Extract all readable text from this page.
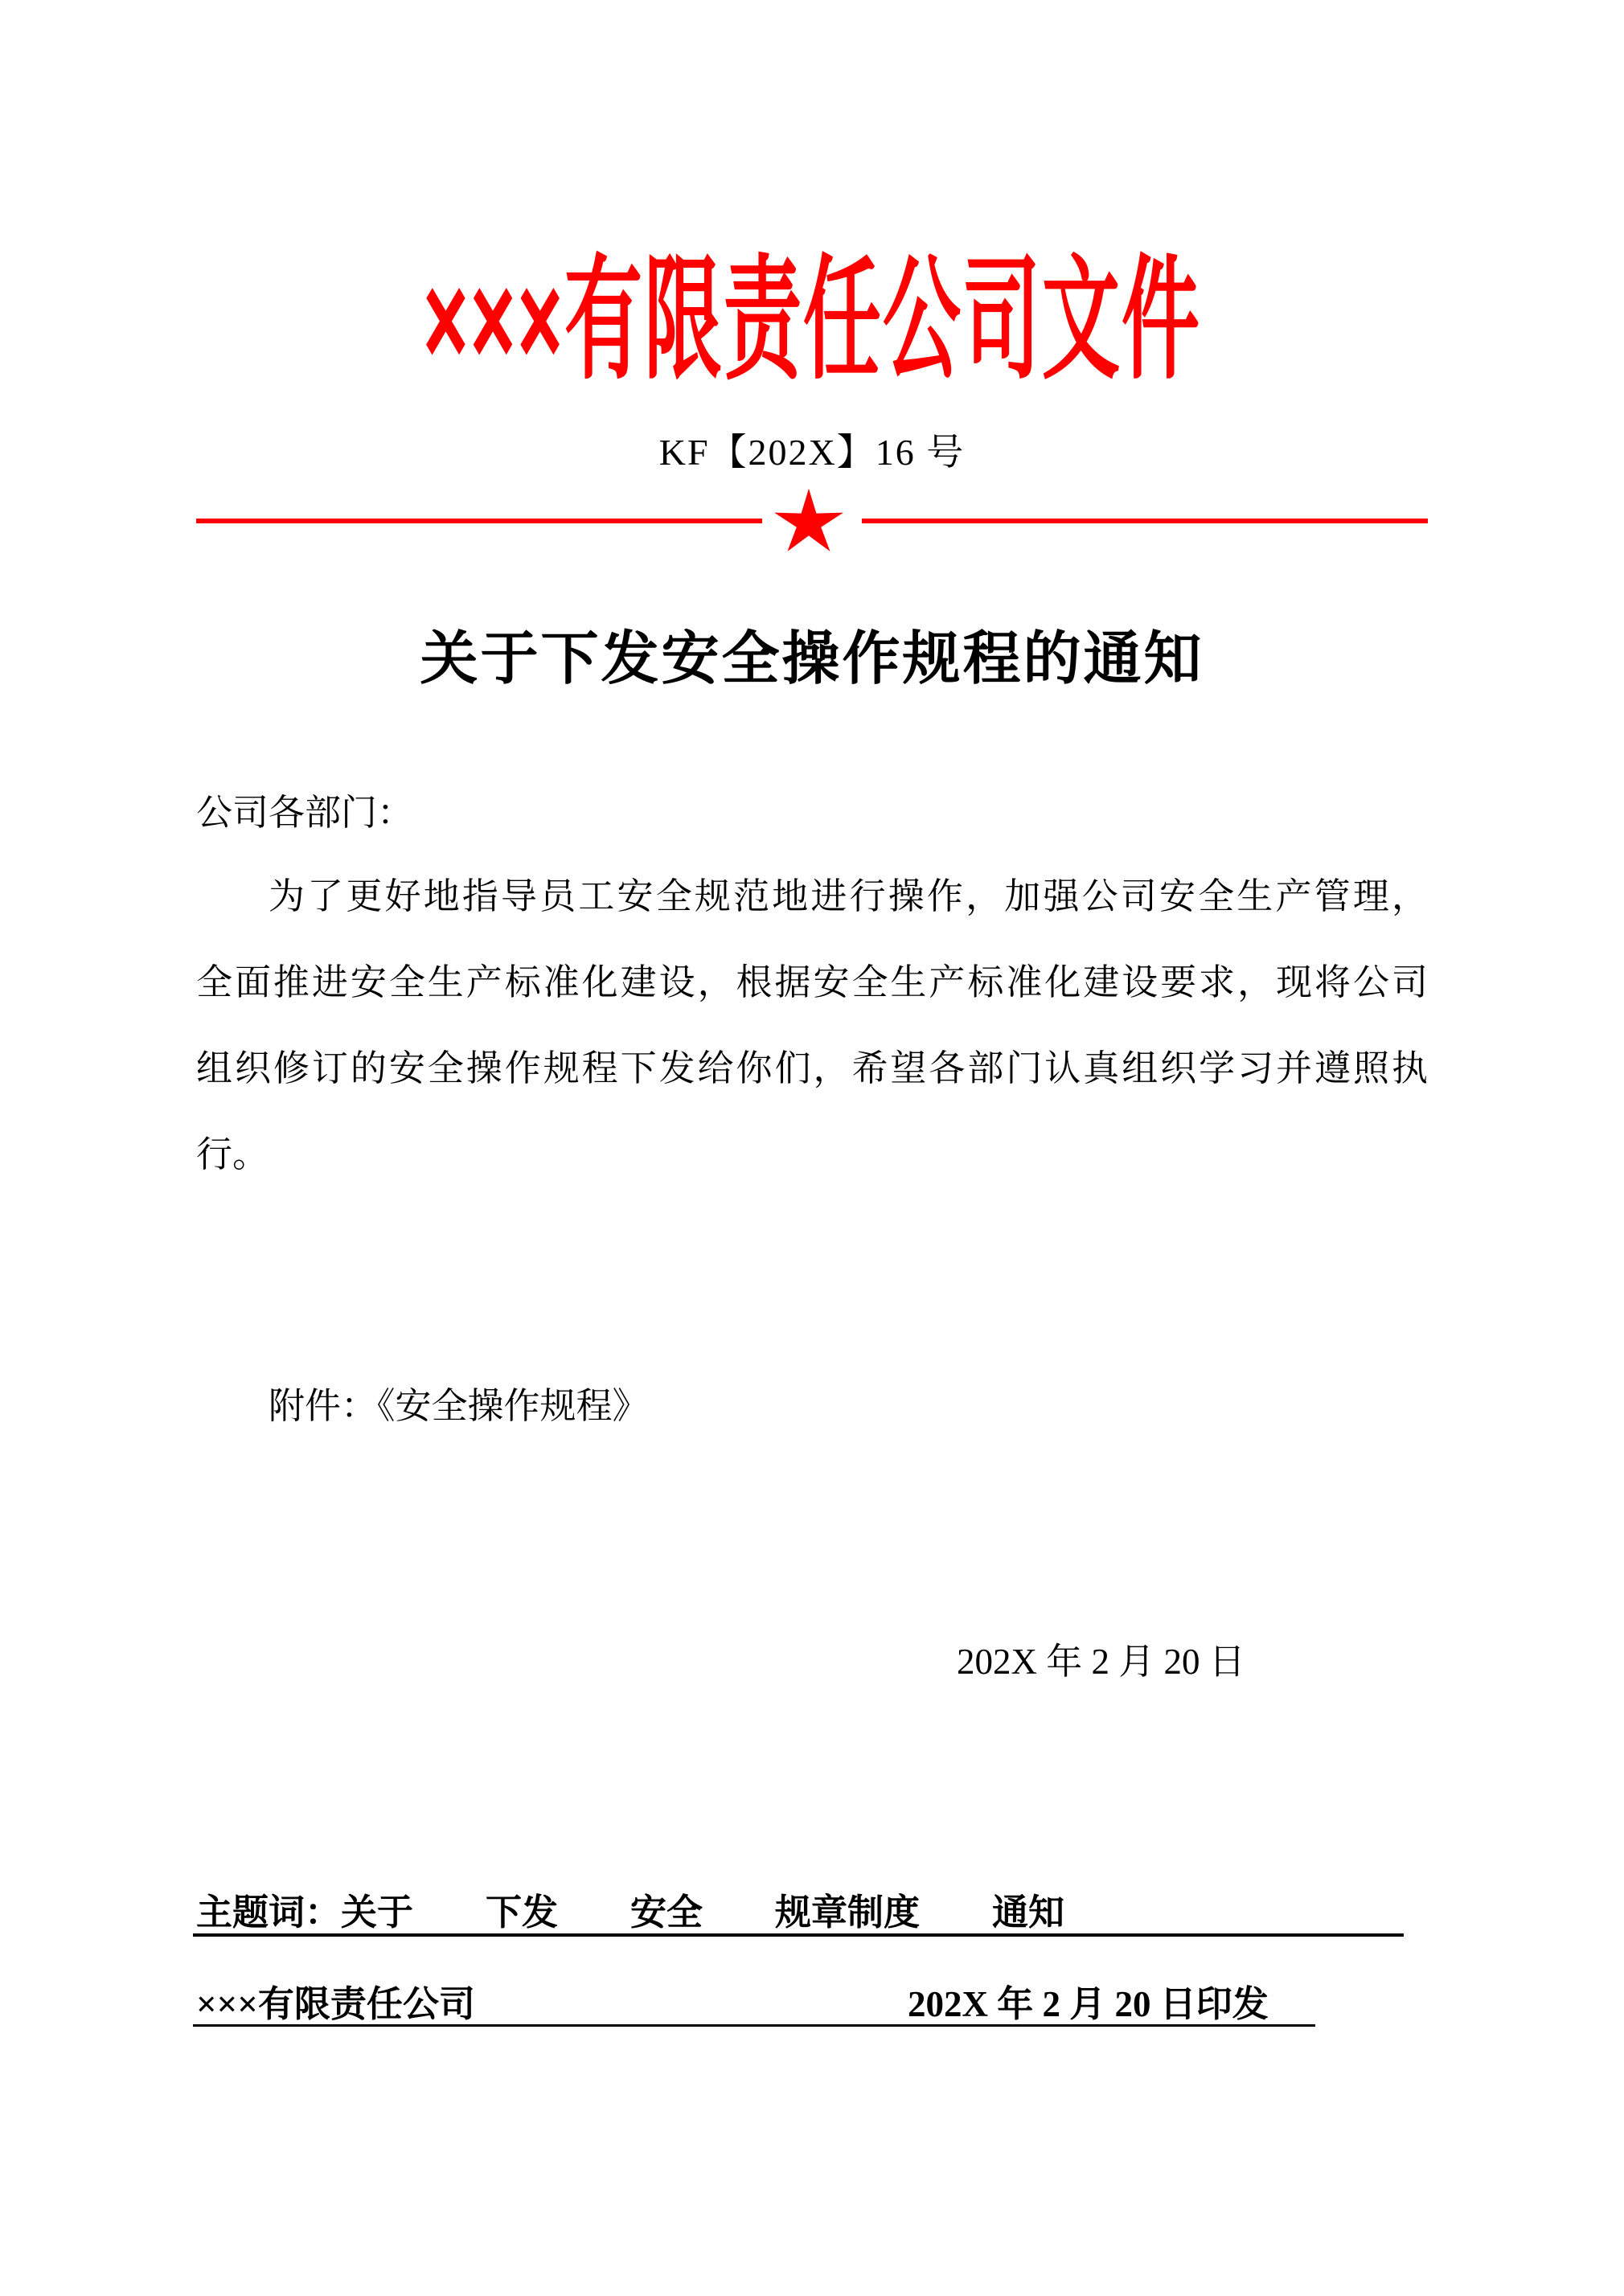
×××有限责任公司文件
KF【202X】16 号
关于下发安全操作规程的通知
公司各部门：
为了更好地指导员工安全规范地进行操作，加强公司安全生产管理，
全面推进安全生产标准化建设，根据安全生产标准化建设要求，现将公司
组织修订的安全操作规程下发给你们，希望各部门认真组织学习并遵照执
行。
附件：《安全操作规程》
202X 年 2 月 20 日
主题词：关于　　下发　　安全　　规章制度　　通知
×××有限责任公司	202X 年 2 月 20 日印发
